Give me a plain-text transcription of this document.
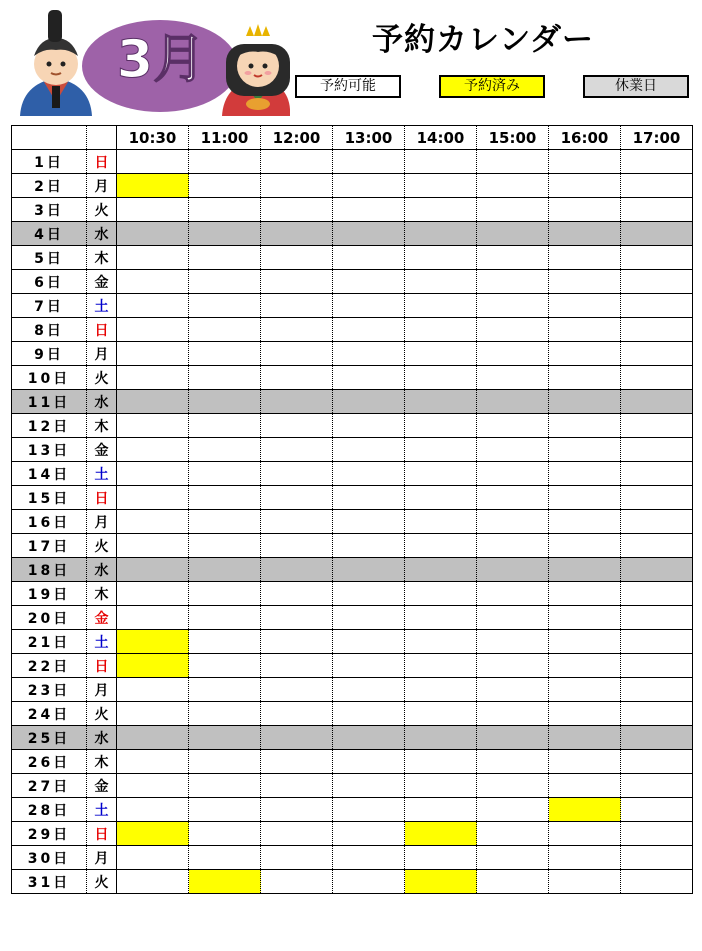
3月	予約カレンダー
予約可能	予約済み	休業日
		10:30	11:00	12:00	13:00	14:00	15:00	16:00	17:00
1日	日								
2日	月								
3日	火								
4日	水								
5日	木								
6日	金								
7日	土								
8日	日								
9日	月								
10日	火								
11日	水								
12日	木								
13日	金								
14日	土								
15日	日								
16日	月								
17日	火								
18日	水								
19日	木								
20日	金								
21日	土								
22日	日								
23日	月								
24日	火								
25日	水								
26日	木								
27日	金								
28日	土								
29日	日								
30日	月								
31日	火								
